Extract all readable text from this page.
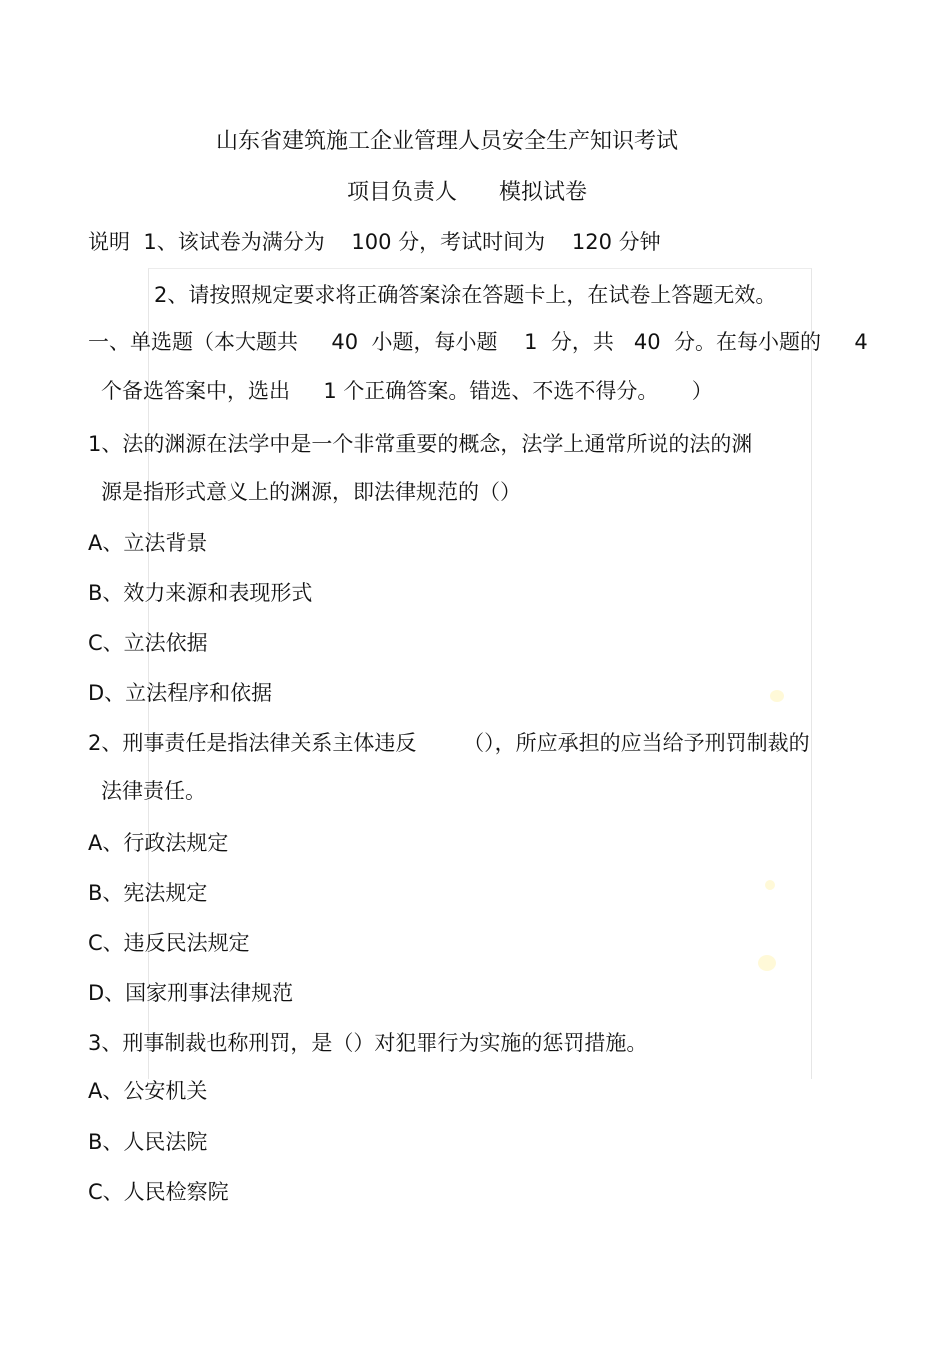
山东省建筑施工企业管理人员安全生产知识考试
项目负责人      模拟试卷
说明  1、该试卷为满分为    100 分，考试时间为    120 分钟
2、请按照规定要求将正确答案涂在答题卡上，在试卷上答题无效。
一、单选题（本大题共     40  小题，每小题    1  分，共   40  分。在每小题的     4
个备选答案中，选出     1 个正确答案。错选、不选不得分。     ）
1、法的渊源在法学中是一个非常重要的概念，法学上通常所说的法的渊
源是指形式意义上的渊源，即法律规范的（）
A、立法背景
B、效力来源和表现形式
C、立法依据
D、立法程序和依据
2、刑事责任是指法律关系主体违反       （），所应承担的应当给予刑罚制裁的
法律责任。
A、行政法规定
B、宪法规定
C、违反民法规定
D、国家刑事法律规范
3、刑事制裁也称刑罚，是（）对犯罪行为实施的惩罚措施。
A、公安机关
B、人民法院
C、人民检察院
